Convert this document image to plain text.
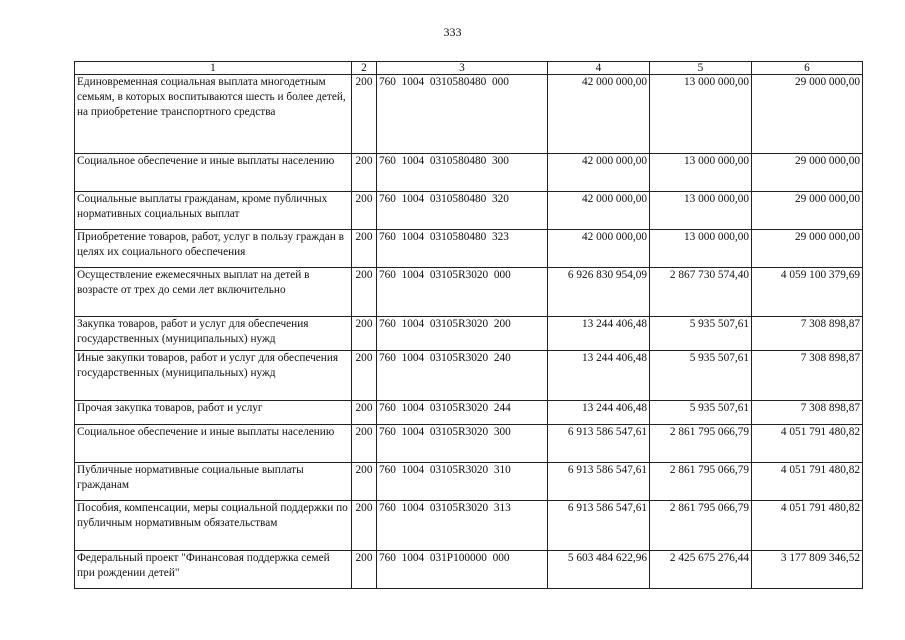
333
1	2	3	4	5	6
Единовременная социальная выплата многодетным семьям, в которых воспитываются шесть и более детей, на приобретение транспортного средства	200	760  1004  0310580480  000	42 000 000,00	13 000 000,00	29 000 000,00
Социальное обеспечение и иные выплаты населению	200	760  1004  0310580480  300	42 000 000,00	13 000 000,00	29 000 000,00
Социальные выплаты гражданам, кроме публичных нормативных социальных выплат	200	760  1004  0310580480  320	42 000 000,00	13 000 000,00	29 000 000,00
Приобретение товаров, работ, услуг в пользу граждан в целях их социального обеспечения	200	760  1004  0310580480  323	42 000 000,00	13 000 000,00	29 000 000,00
Осуществление ежемесячных выплат на детей в возрасте от трех до семи лет включительно	200	760  1004  03105R3020  000	6 926 830 954,09	2 867 730 574,40	4 059 100 379,69
Закупка товаров, работ и услуг для обеспечения государственных (муниципальных) нужд	200	760  1004  03105R3020  200	13 244 406,48	5 935 507,61	7 308 898,87
Иные закупки товаров, работ и услуг для обеспечения государственных (муниципальных) нужд	200	760  1004  03105R3020  240	13 244 406,48	5 935 507,61	7 308 898,87
Прочая закупка товаров, работ и услуг	200	760  1004  03105R3020  244	13 244 406,48	5 935 507,61	7 308 898,87
Социальное обеспечение и иные выплаты населению	200	760  1004  03105R3020  300	6 913 586 547,61	2 861 795 066,79	4 051 791 480,82
Публичные нормативные социальные выплаты гражданам	200	760  1004  03105R3020  310	6 913 586 547,61	2 861 795 066,79	4 051 791 480,82
Пособия, компенсации, меры социальной поддержки по публичным нормативным обязательствам	200	760  1004  03105R3020  313	6 913 586 547,61	2 861 795 066,79	4 051 791 480,82
Федеральный проект "Финансовая поддержка семей при рождении детей"	200	760  1004  031P100000  000	5 603 484 622,96	2 425 675 276,44	3 177 809 346,52
